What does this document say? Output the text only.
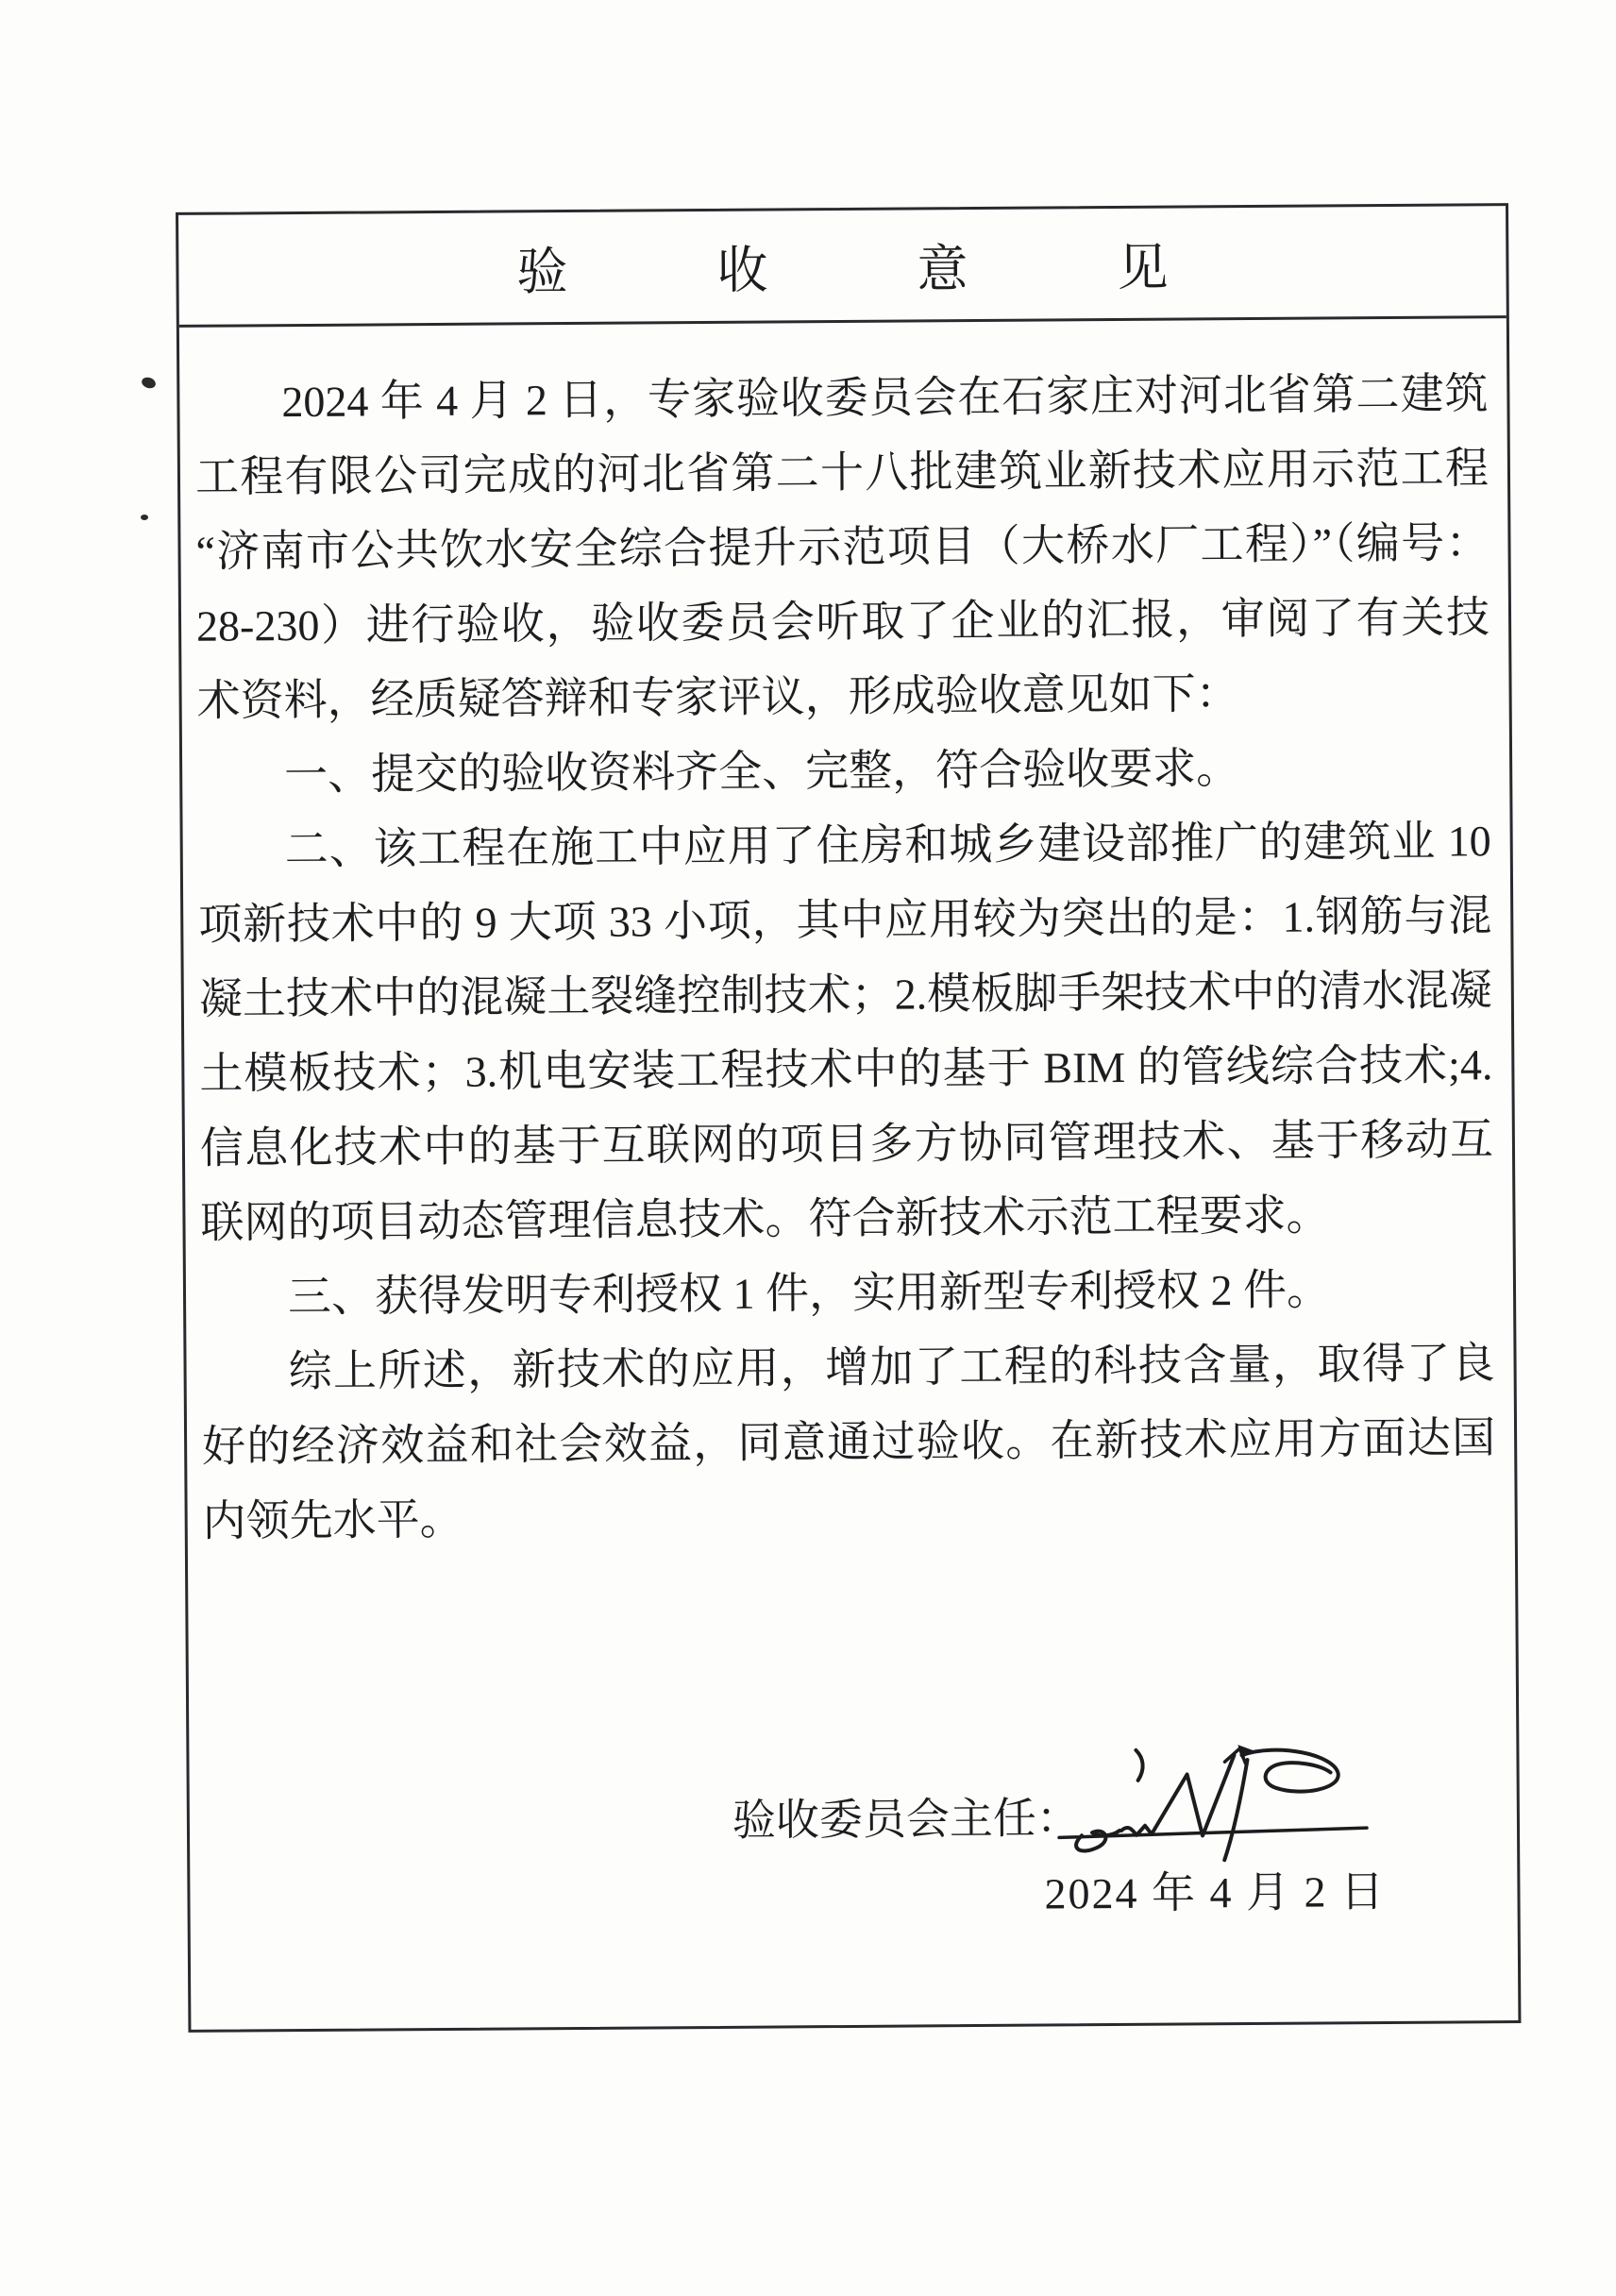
验收意见

2024 年 4 月 2 日，专家验收委员会在石家庄对河北省第二建筑工程有限公司完成的河北省第二十八批建筑业新技术应用示范工程“济南市公共饮水安全综合提升示范项目（大桥水厂工程）”（编号：28-230）进行验收，验收委员会听取了企业的汇报，审阅了有关技术资料，经质疑答辩和专家评议，形成验收意见如下：

一、提交的验收资料齐全、完整，符合验收要求。

二、该工程在施工中应用了住房和城乡建设部推广的建筑业 10 项新技术中的 9 大项 33 小项，其中应用较为突出的是：1.钢筋与混凝土技术中的混凝土裂缝控制技术；2.模板脚手架技术中的清水混凝土模板技术；3.机电安装工程技术中的基于 BIM 的管线综合技术;4.信息化技术中的基于互联网的项目多方协同管理技术、基于移动互联网的项目动态管理信息技术。符合新技术示范工程要求。

三、获得发明专利授权 1 件，实用新型专利授权 2 件。

综上所述，新技术的应用，增加了工程的科技含量，取得了良好的经济效益和社会效益，同意通过验收。在新技术应用方面达国内领先水平。

验收委员会主任：
2024 年 4 月 2 日
